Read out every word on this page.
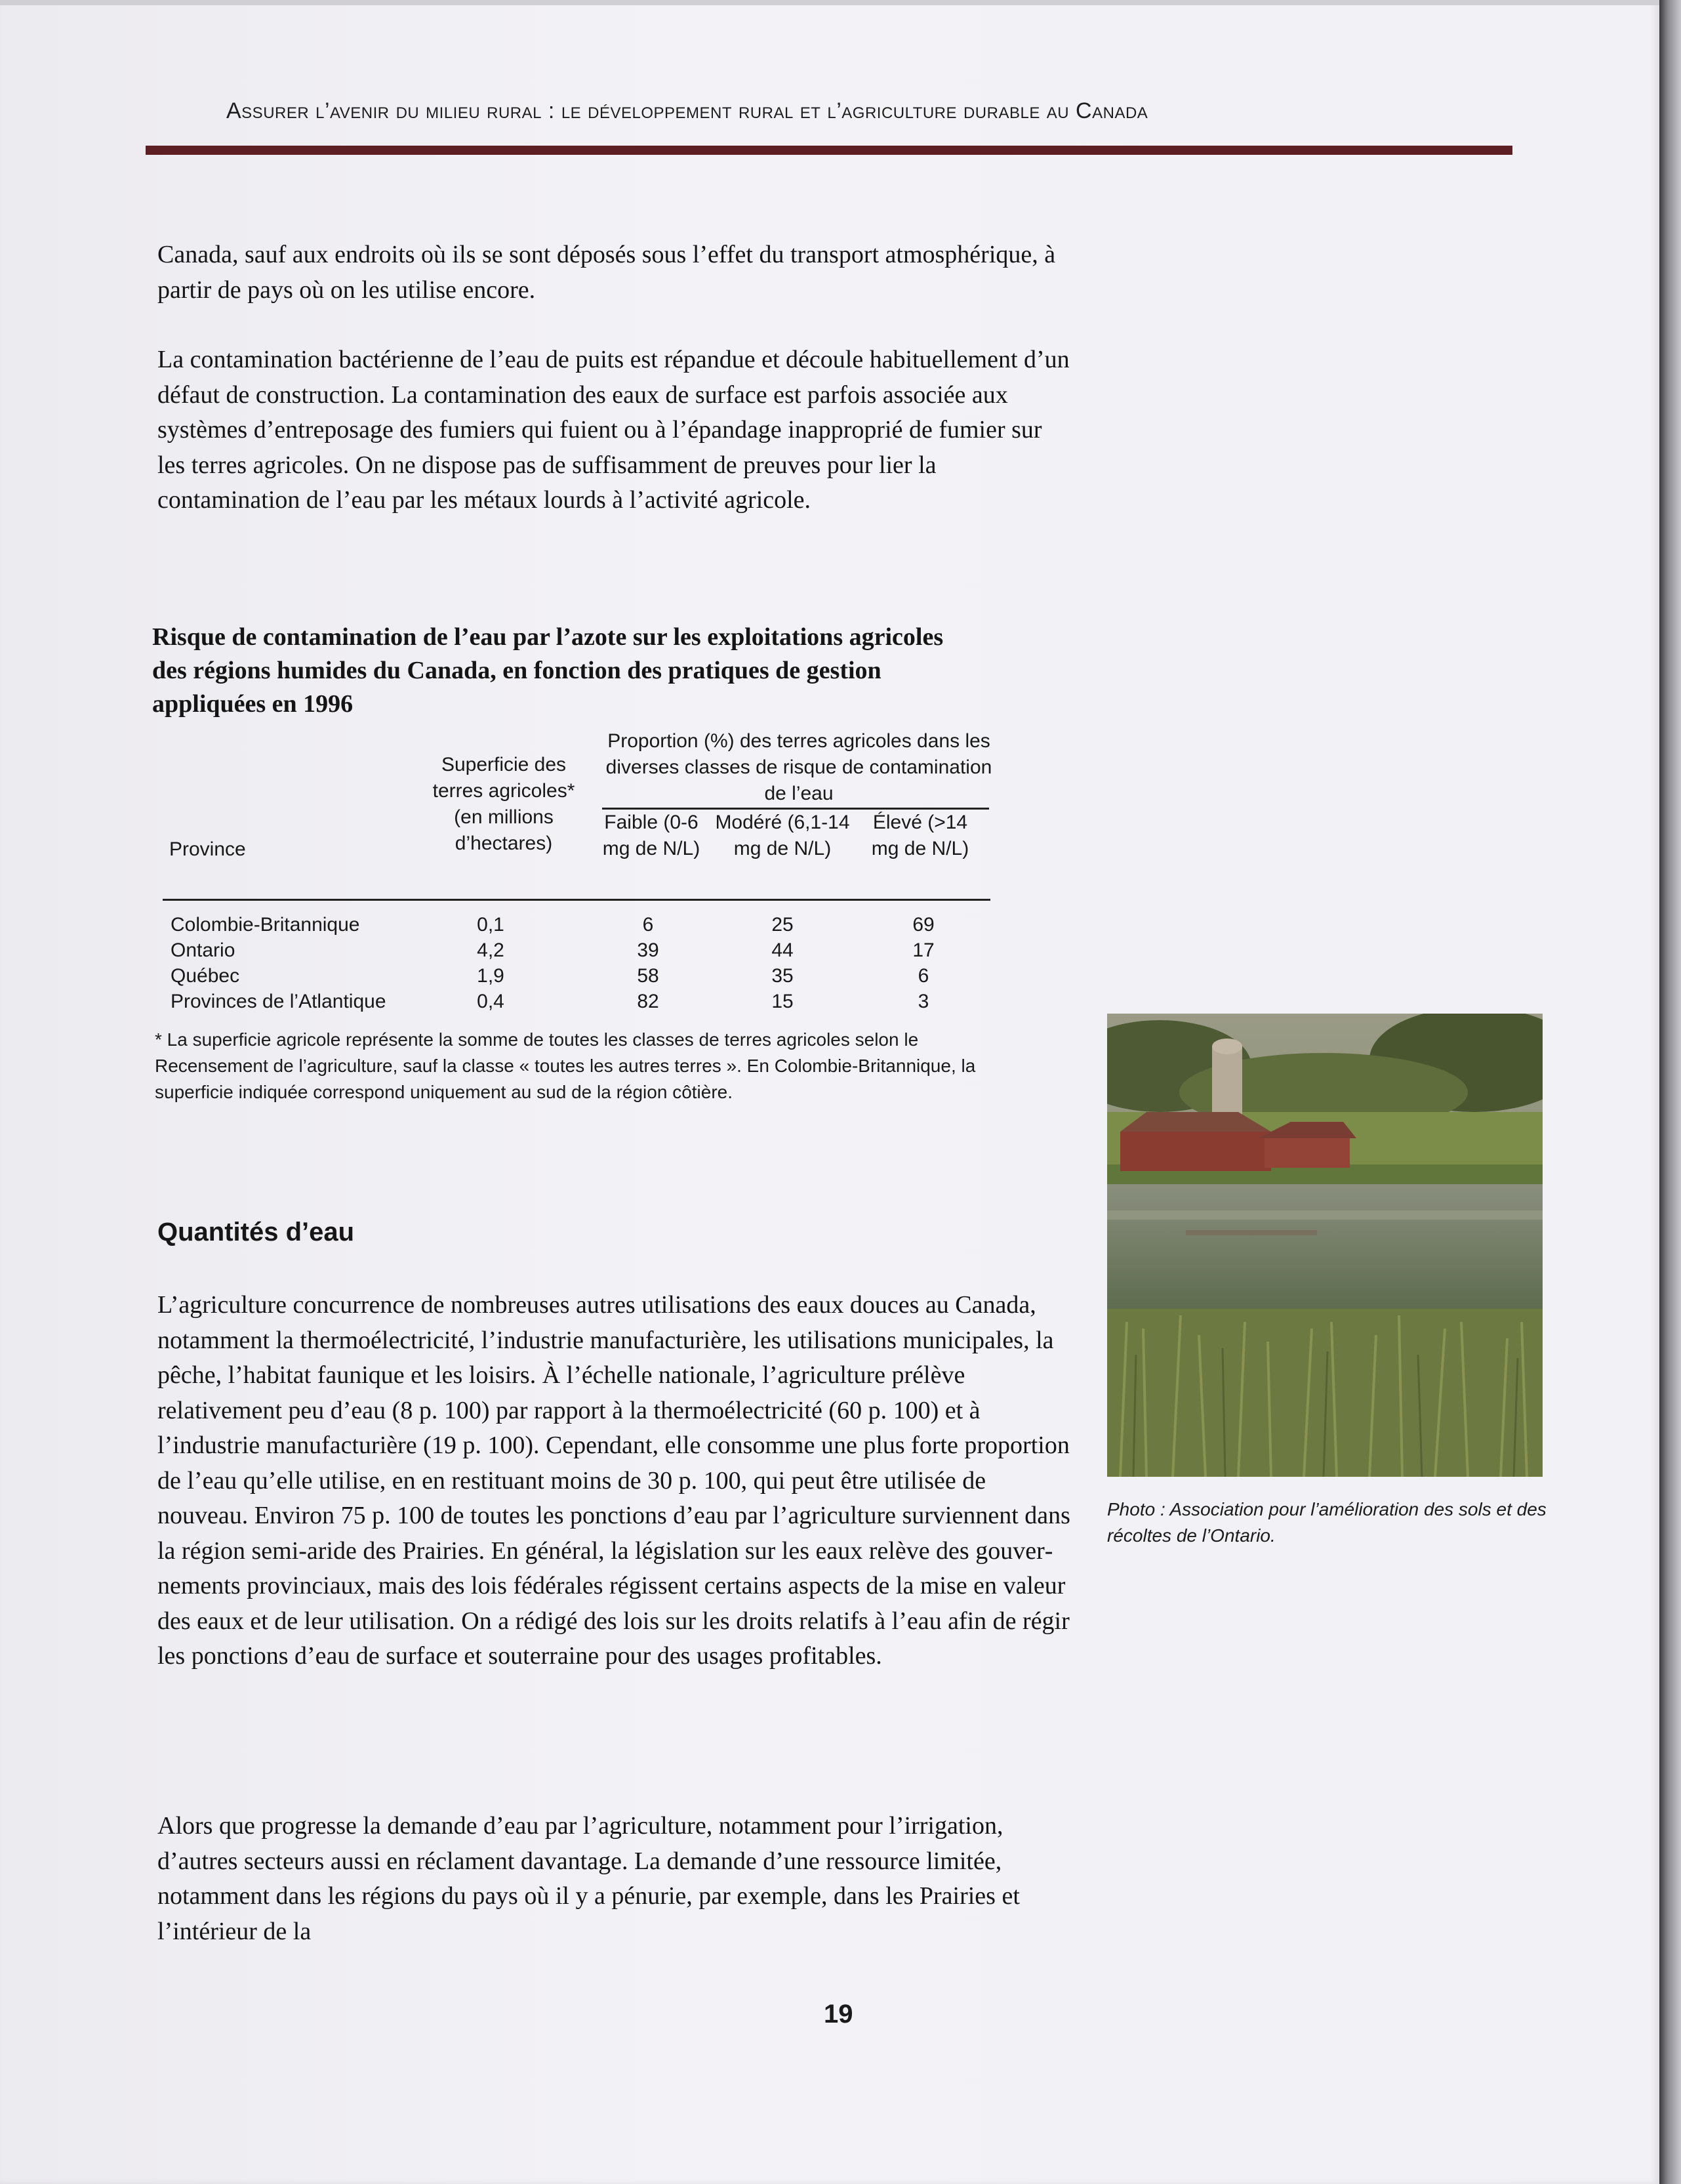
Assurer l’avenir du milieu rural : le développement rural et l’agriculture durable au Canada

Canada, sauf aux endroits où ils se sont déposés sous l’effet du transport atmosphérique, à partir de pays où on les utilise encore.

La contamination bactérienne de l’eau de puits est répandue et découle habituellement d’un défaut de construction. La contamination des eaux de surface est parfois associée aux systèmes d’entreposage des fumiers qui fuient ou à l’épandage inapproprié de fumier sur les terres agricoles. On ne dispose pas de suffisamment de preuves pour lier la contamination de l’eau par les métaux lourds à l’activité agricole.

Risque de contamination de l’eau par l’azote sur les exploitations agricoles des régions humides du Canada, en fonction des pratiques de gestion appliquées en 1996
Province
Superficie des terres agricoles* (en millions d’hectares)
Proportion (%) des terres agricoles dans les diverses classes de risque de contamination de l’eau
Faible (0-6 mg de N/L)
Modéré (6,1-14 mg de N/L)
Élevé (>14 mg de N/L)
Colombie-Britannique	0,1	6	25	69
Ontario	4,2	39	44	17
Québec	1,9	58	35	6
Provinces de l’Atlantique	0,4	82	15	3
* La superficie agricole représente la somme de toutes les classes de terres agricoles selon le Recensement de l’agriculture, sauf la classe « toutes les autres terres ». En Colombie-Britannique, la superficie indiquée correspond uniquement au sud de la région côtière.
Quantités d’eau

L’agriculture concurrence de nombreuses autres utilisations des eaux douces au Canada, notamment la thermoélectricité, l’industrie manufacturière, les utilisations municipales, la pêche, l’habitat faunique et les loisirs. À l’échelle nationale, l’agriculture prélève relativement peu d’eau (8 p. 100) par rapport à la thermoélectricité (60 p. 100) et à l’industrie manufacturière (19 p. 100). Cependant, elle consomme une plus forte proportion de l’eau qu’elle utilise, en en restituant moins de 30 p. 100, qui peut être utilisée de nouveau. Environ 75 p. 100 de toutes les ponctions d’eau par l’agriculture surviennent dans la région semi-aride des Prairies. En général, la législation sur les eaux relève des gouvernements provinciaux, mais des lois fédérales régissent certains aspects de la mise en valeur des eaux et de leur utilisation. On a rédigé des lois sur les droits relatifs à l’eau afin de régir les ponctions d’eau de surface et souterraine pour des usages profitables.

Alors que progresse la demande d’eau par l’agriculture, notamment pour l’irrigation, d’autres secteurs aussi en réclament davantage. La demande d’une ressource limitée, notamment dans les régions du pays où il y a pénurie, par exemple, dans les Prairies et l’intérieur de la

Photo : Association pour l’amélioration des sols et des récoltes de l’Ontario.
19
